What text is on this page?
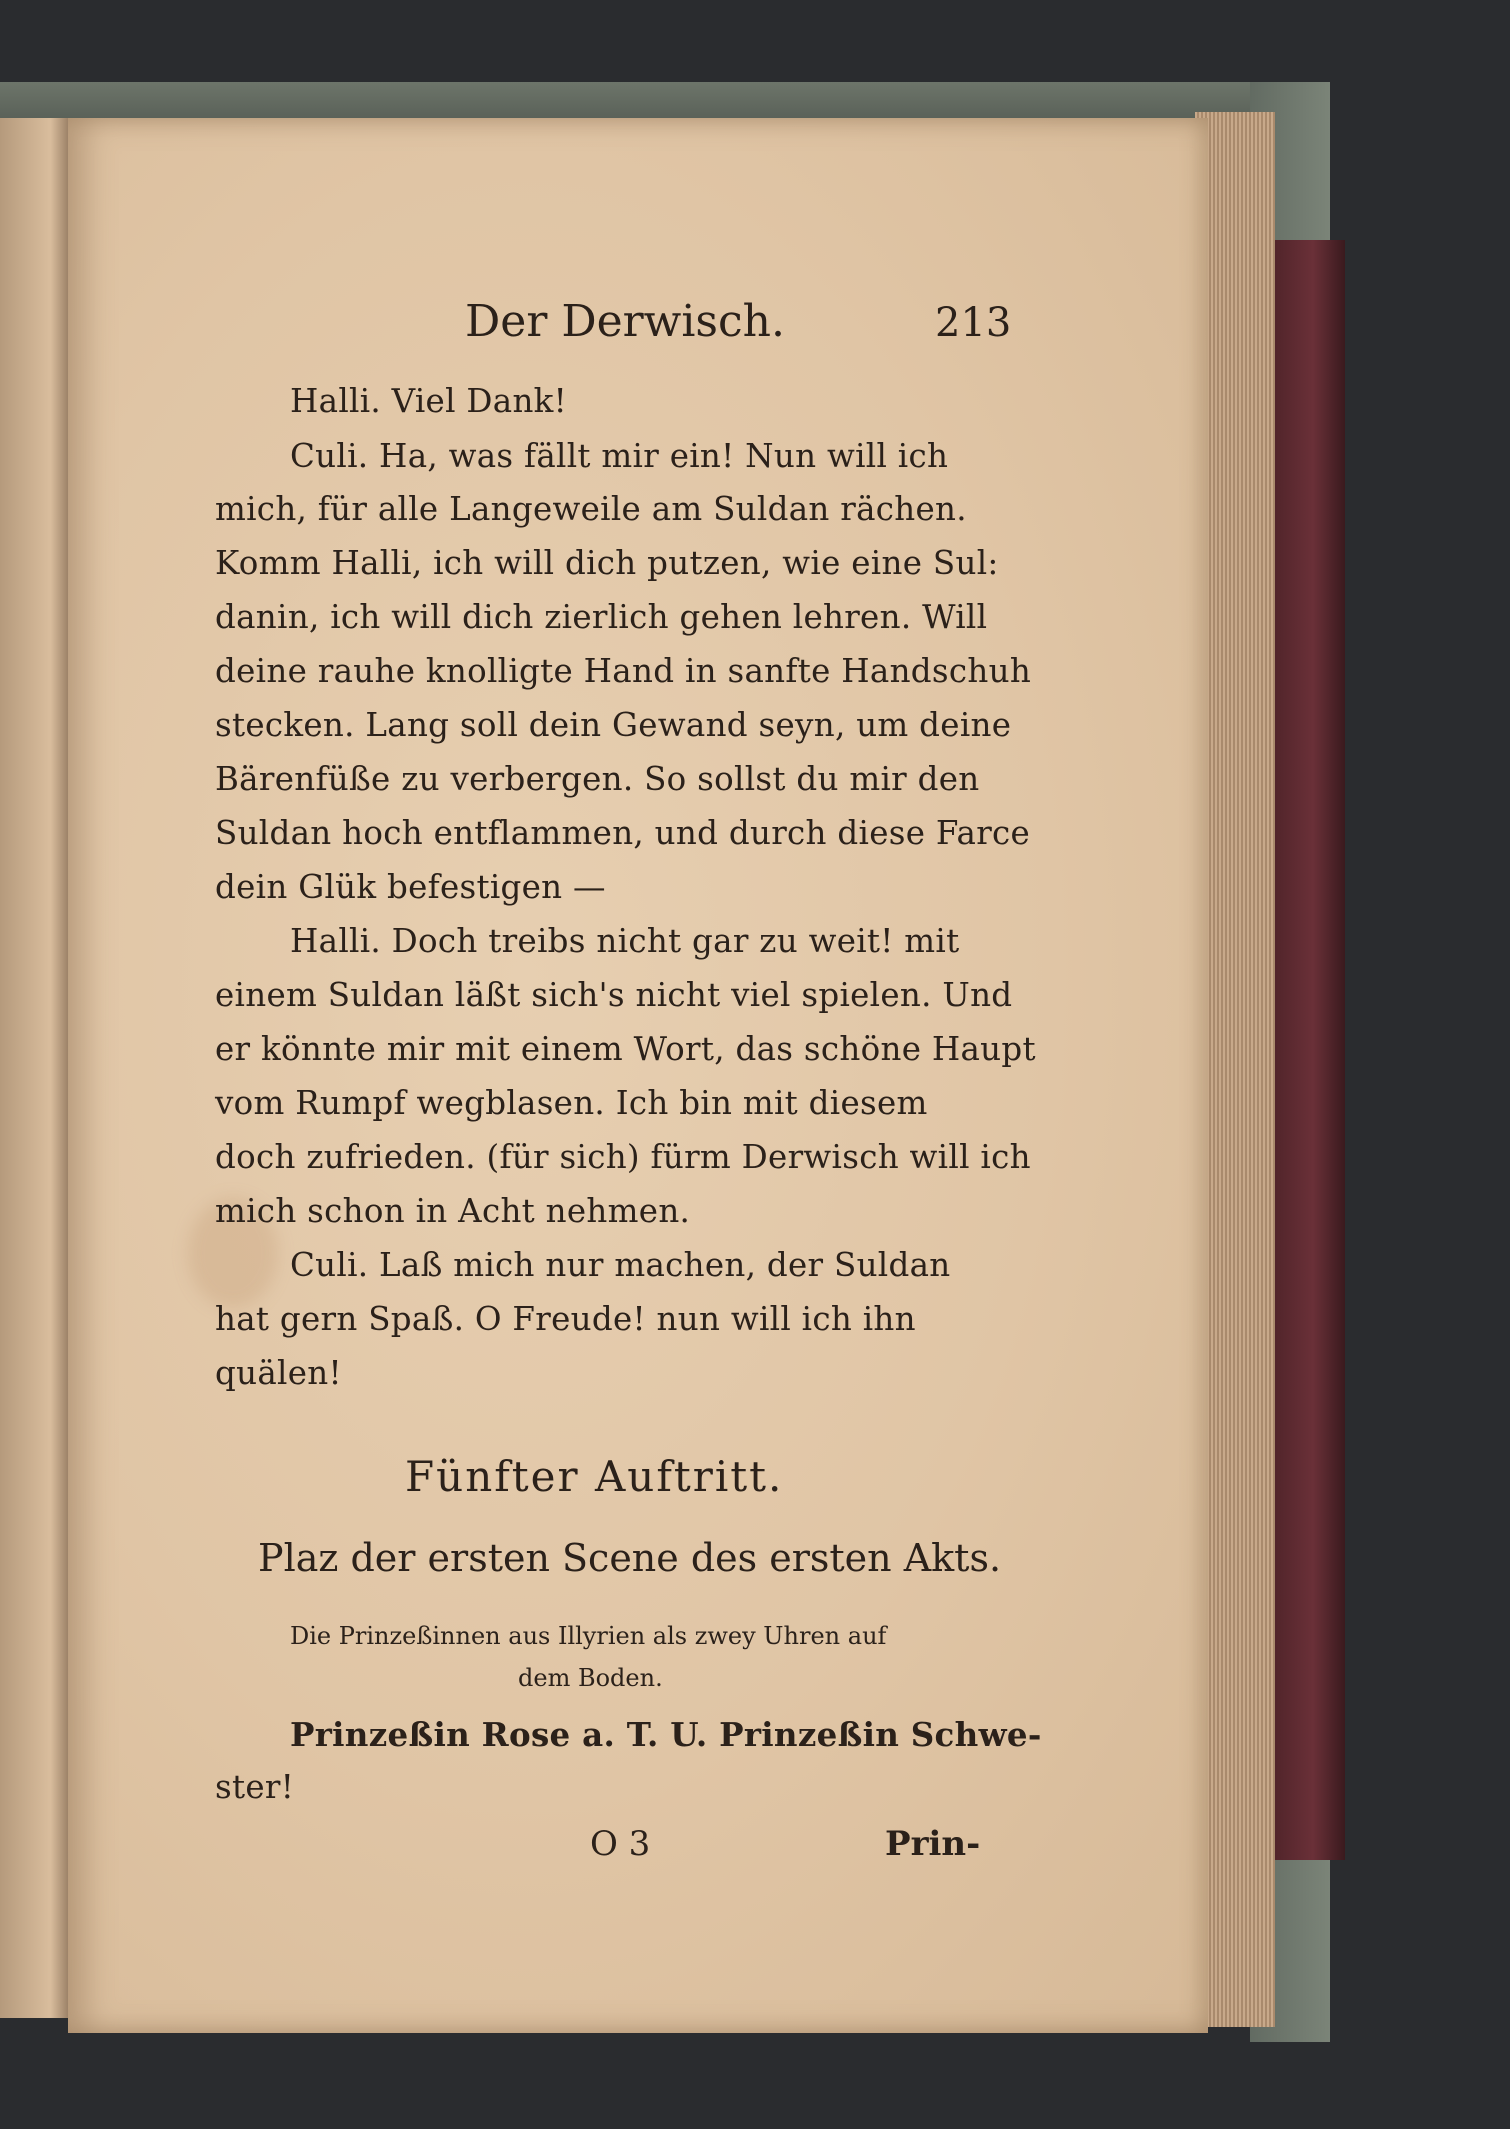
Der Derwisch.	213
Halli. Viel Dank!
Culi. Ha, was fällt mir ein! Nun will ich
mich, für alle Langeweile am Suldan rächen.
Komm Halli, ich will dich putzen, wie eine Sul:
danin, ich will dich zierlich gehen lehren. Will
deine rauhe knolligte Hand in sanfte Handschuh
stecken. Lang soll dein Gewand seyn, um deine
Bärenfüße zu verbergen. So sollst du mir den
Suldan hoch entflammen, und durch diese Farce
dein Glük befestigen —
Halli. Doch treibs nicht gar zu weit! mit
einem Suldan läßt sich's nicht viel spielen. Und
er könnte mir mit einem Wort, das schöne Haupt
vom Rumpf wegblasen. Ich bin mit diesem
doch zufrieden. (für sich) fürm Derwisch will ich
mich schon in Acht nehmen.
Culi. Laß mich nur machen, der Suldan
hat gern Spaß. O Freude! nun will ich ihn
quälen!
Fünfter Auftritt.
Plaz der ersten Scene des ersten Akts.
Die Prinzeßinnen aus Illyrien als zwey Uhren auf
dem Boden.
Prinzeßin Rose a. T. U. Prinzeßin Schwe-
ster!
O 3	Prin-
